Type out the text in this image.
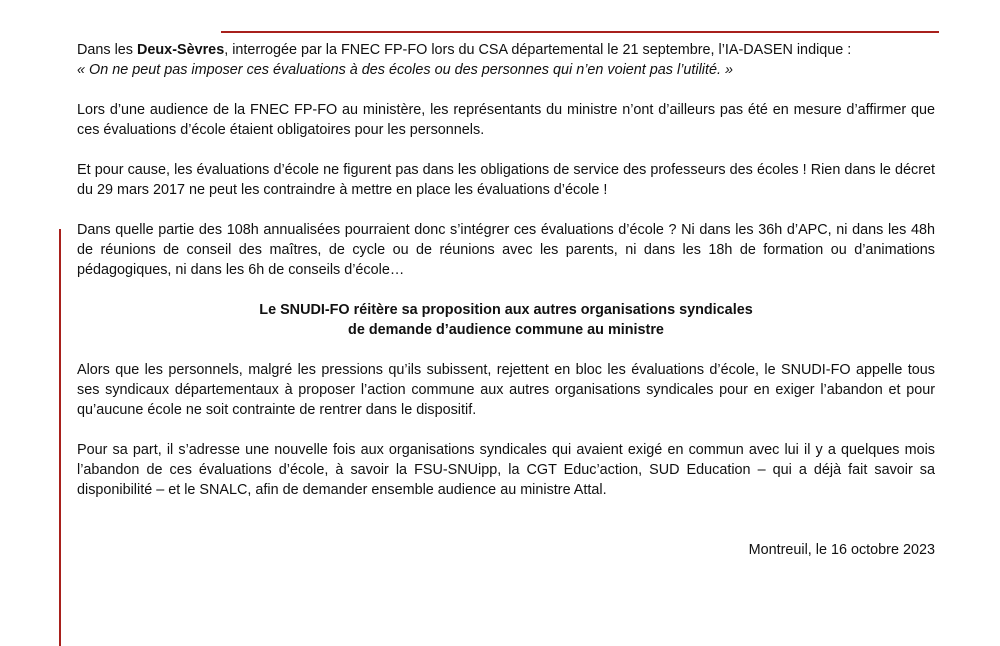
Dans les Deux-Sèvres, interrogée par la FNEC FP-FO lors du CSA départemental le 21 septembre, l’IA-DASEN indique :
« On ne peut pas imposer ces évaluations à des écoles ou des personnes qui n’en voient pas l’utilité. »

Lors d’une audience de la FNEC FP-FO au ministère, les représentants du ministre n’ont d’ailleurs pas été en mesure d’affirmer que ces évaluations d’école étaient obligatoires pour les personnels.

Et pour cause, les évaluations d’école ne figurent pas dans les obligations de service des professeurs des écoles ! Rien dans le décret du 29 mars 2017 ne peut les contraindre à mettre en place les évaluations d’école !

Dans quelle partie des 108h annualisées pourraient donc s’intégrer ces évaluations d’école ? Ni dans les 36h d’APC, ni dans les 48h de réunions de conseil des maîtres, de cycle ou de réunions avec les parents, ni dans les 18h de formation ou d’animations pédagogiques, ni dans les 6h de conseils d’école…

Le SNUDI-FO réitère sa proposition aux autres organisations syndicales
de demande d’audience commune au ministre

Alors que les personnels, malgré les pressions qu’ils subissent, rejettent en bloc les évaluations d’école, le SNUDI-FO appelle tous ses syndicaux départementaux à proposer l’action commune aux autres organisations syndicales pour en exiger l’abandon et pour qu’aucune école ne soit contrainte de rentrer dans le dispositif.

Pour sa part, il s’adresse une nouvelle fois aux organisations syndicales qui avaient exigé en commun avec lui il y a quelques mois l’abandon de ces évaluations d’école, à savoir la FSU-SNUipp, la CGT Educ’action, SUD Education – qui a déjà fait savoir sa disponibilité – et le SNALC, afin de demander ensemble audience au ministre Attal.

Montreuil, le 16 octobre 2023
